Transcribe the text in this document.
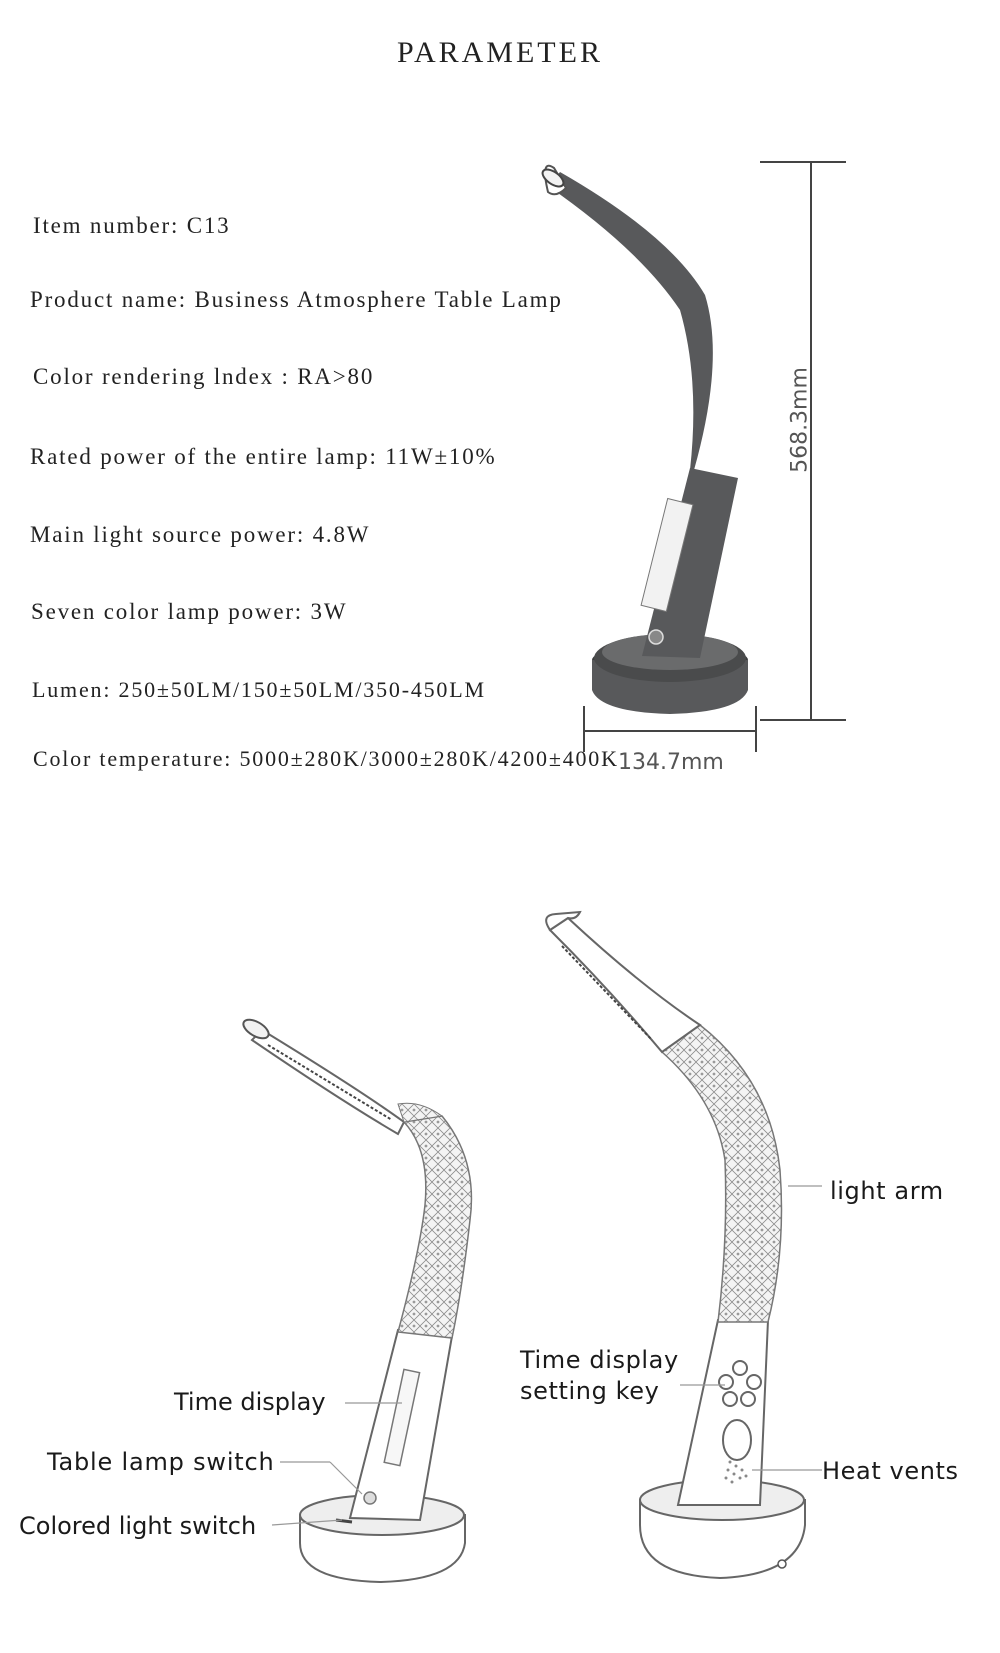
PARAMETER
Item number: C13
Product name: Business Atmosphere Table Lamp
Color rendering lndex : RA>80
Rated power of the entire lamp: 11W±10%
Main light source power: 4.8W
Seven color lamp power: 3W
Lumen: 250±50LM/150±50LM/350-450LM
Color temperature: 5000±280K/3000±280K/4200±400K
568.3mm
134.7mm
Time display
Table lamp switch
Colored light switch
Time display
setting key
light arm
Heat vents
